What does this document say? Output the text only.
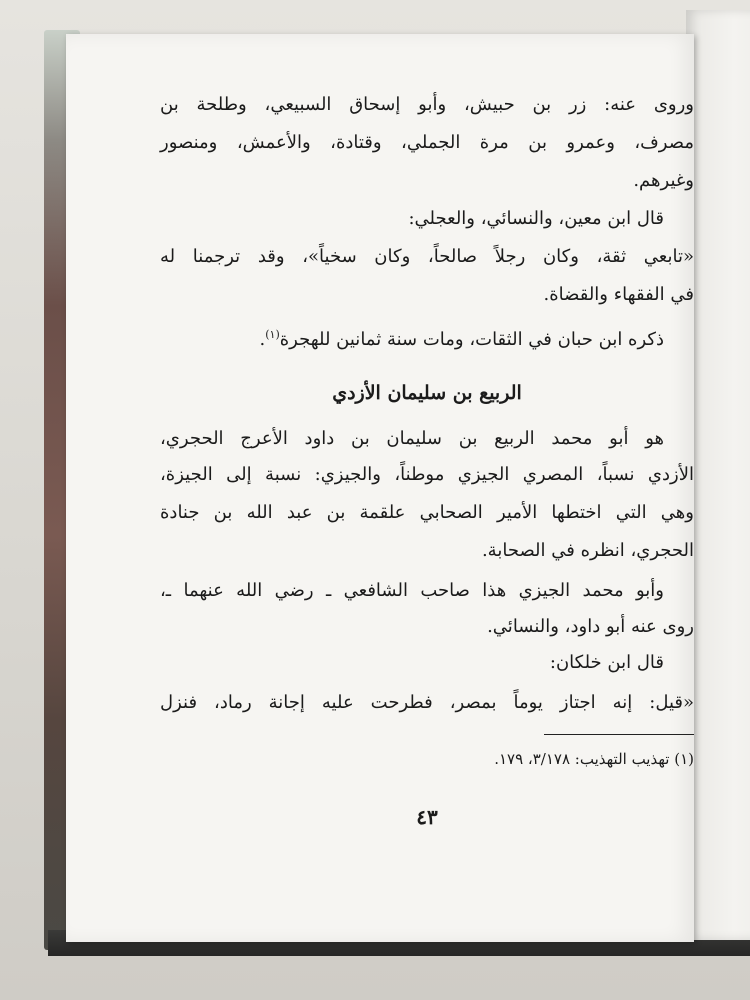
وروى عنه: زر بن حبيش، وأبو إسحاق السبيعي، وطلحة بن
مصرف، وعمرو بن مرة الجملي، وقتادة، والأعمش، ومنصور
وغيرهم.
قال ابن معين، والنسائي، والعجلي:
«تابعي ثقة، وكان رجلاً صالحاً، وكان سخياً»، وقد ترجمنا له
في الفقهاء والقضاة.
ذكره ابن حبان في الثقات، ومات سنة ثمانين للهجرة$^{(١)}$.
الربيع بن سليمان الأزدي
هو أبو محمد الربيع بن سليمان بن داود الأعرج الحجري،
الأزدي نسباً، المصري الجيزي موطناً، والجيزي: نسبة إلى الجيزة،
وهي التي اختطها الأمير الصحابي علقمة بن عبد الله بن جنادة
الحجري، انظره في الصحابة.
وأبو محمد الجيزي هذا صاحب الشافعي ـ رضي الله عنهما ـ،
روى عنه أبو داود، والنسائي.
قال ابن خلكان:
«قيل: إنه اجتاز يوماً بمصر، فطرحت عليه إجانة رماد، فنزل
(١) تهذيب التهذيب: ٣/١٧٨، ١٧٩.
٤٣
